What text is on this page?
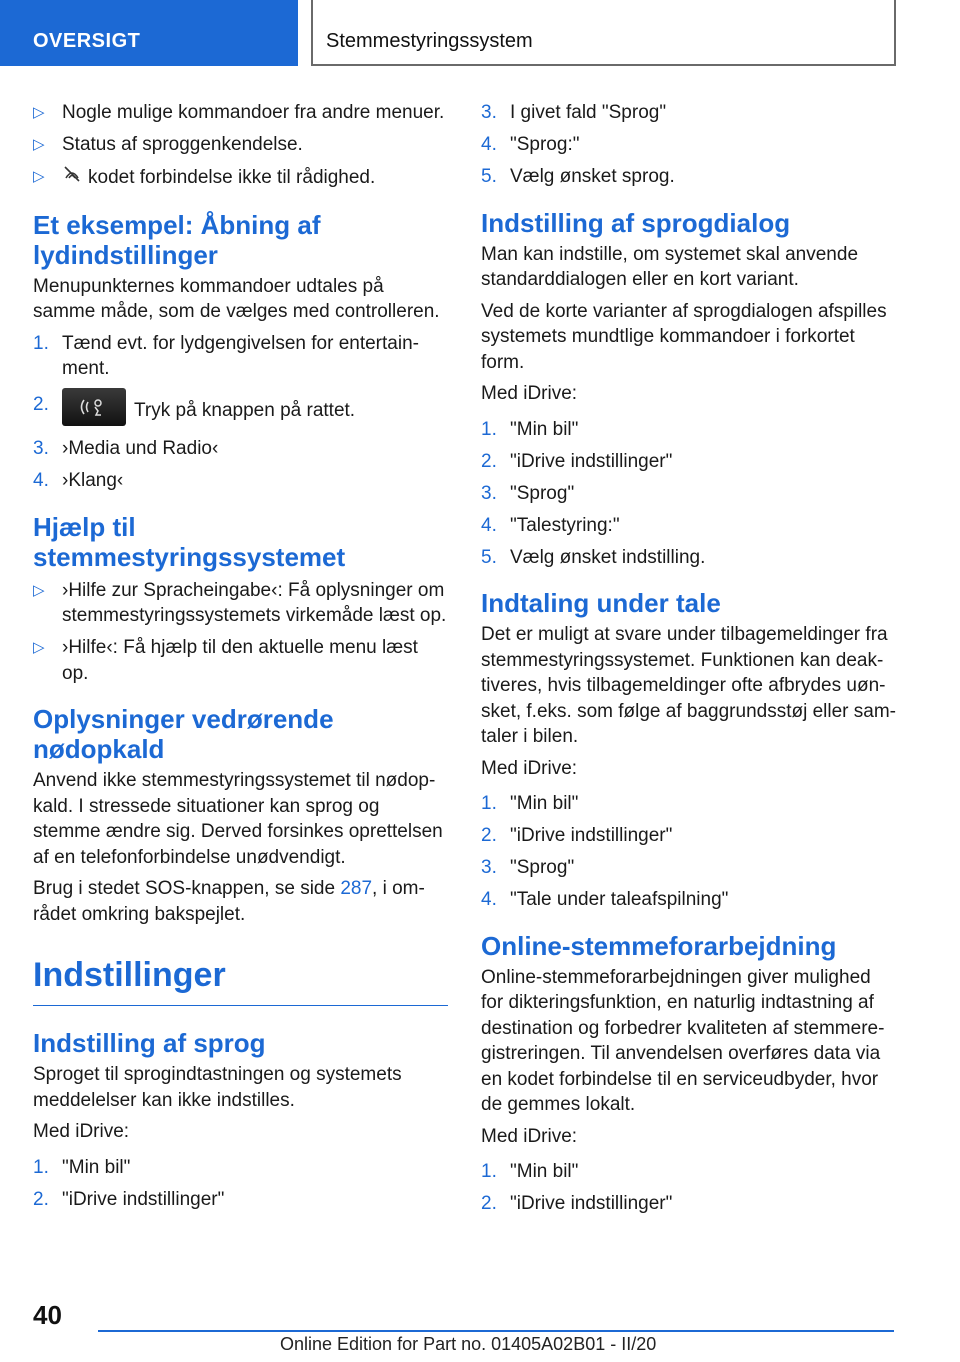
OVERSIGT	Stemmestyringssystem
▷ Nogle mulige kommandoer fra andre menuer.
▷ Status af sproggenkendelse.
▷ kodet forbindelse ikke til rådighed.
Et eksempel: Åbning af lydindstillinger

Menupunkternes kommandoer udtales på samme måde, som de vælges med controlleren.

1. Tænd evt. for lydgengivelsen for entertain-ment.
2.	Tryk på knappen på rattet.
3. ›Media und Radio‹
4. ›Klang‹
Hjælp til stemmestyringssystemet
▷ ›Hilfe zur Spracheingabe‹: Få oplysninger om stemmestyringssystemets virkemåde læst op.
▷ ›Hilfe‹: Få hjælp til den aktuelle menu læst op.
Oplysninger vedrørende nødopkald

Anvend ikke stemmestyringssystemet til nødop-kald. I stressede situationer kan sprog og stemme ændre sig. Derved forsinkes oprettelsen af en telefonforbindelse unødvendigt.

Brug i stedet SOS-knappen, se side 287, i om-rådet omkring bakspejlet.

Indstillinger
Indstilling af sprog

Sproget til sprogindtastningen og systemets meddelelser kan ikke indstilles.

Med iDrive:

1. "Min bil"
2. "iDrive indstillinger"
3. I givet fald "Sprog"
4. "Sprog:"
5. Vælg ønsket sprog.
Indstilling af sprogdialog

Man kan indstille, om systemet skal anvende standarddialogen eller en kort variant.

Ved de korte varianter af sprogdialogen afspilles systemets mundtlige kommandoer i forkortet form.

Med iDrive:

1. "Min bil"
2. "iDrive indstillinger"
3. "Sprog"
4. "Talestyring:"
5. Vælg ønsket indstilling.
Indtaling under tale

Det er muligt at svare under tilbagemeldinger fra stemmestyringssystemet. Funktionen kan deak-tiveres, hvis tilbagemeldinger ofte afbrydes uøn-sket, f.eks. som følge af baggrundsstøj eller sam-taler i bilen.

Med iDrive:

1. "Min bil"
2. "iDrive indstillinger"
3. "Sprog"
4. "Tale under taleafspilning"
Online-stemmeforarbejdning

Online-stemmeforarbejdningen giver mulighed for dikteringsfunktion, en naturlig indtastning af destination og forbedrer kvaliteten af stemmere-gistreringen. Til anvendelsen overføres data via en kodet forbindelse til en serviceudbyder, hvor de gemmes lokalt.

Med iDrive:

1. "Min bil"
2. "iDrive indstillinger"
40
Online Edition for Part no. 01405A02B01 - II/20
